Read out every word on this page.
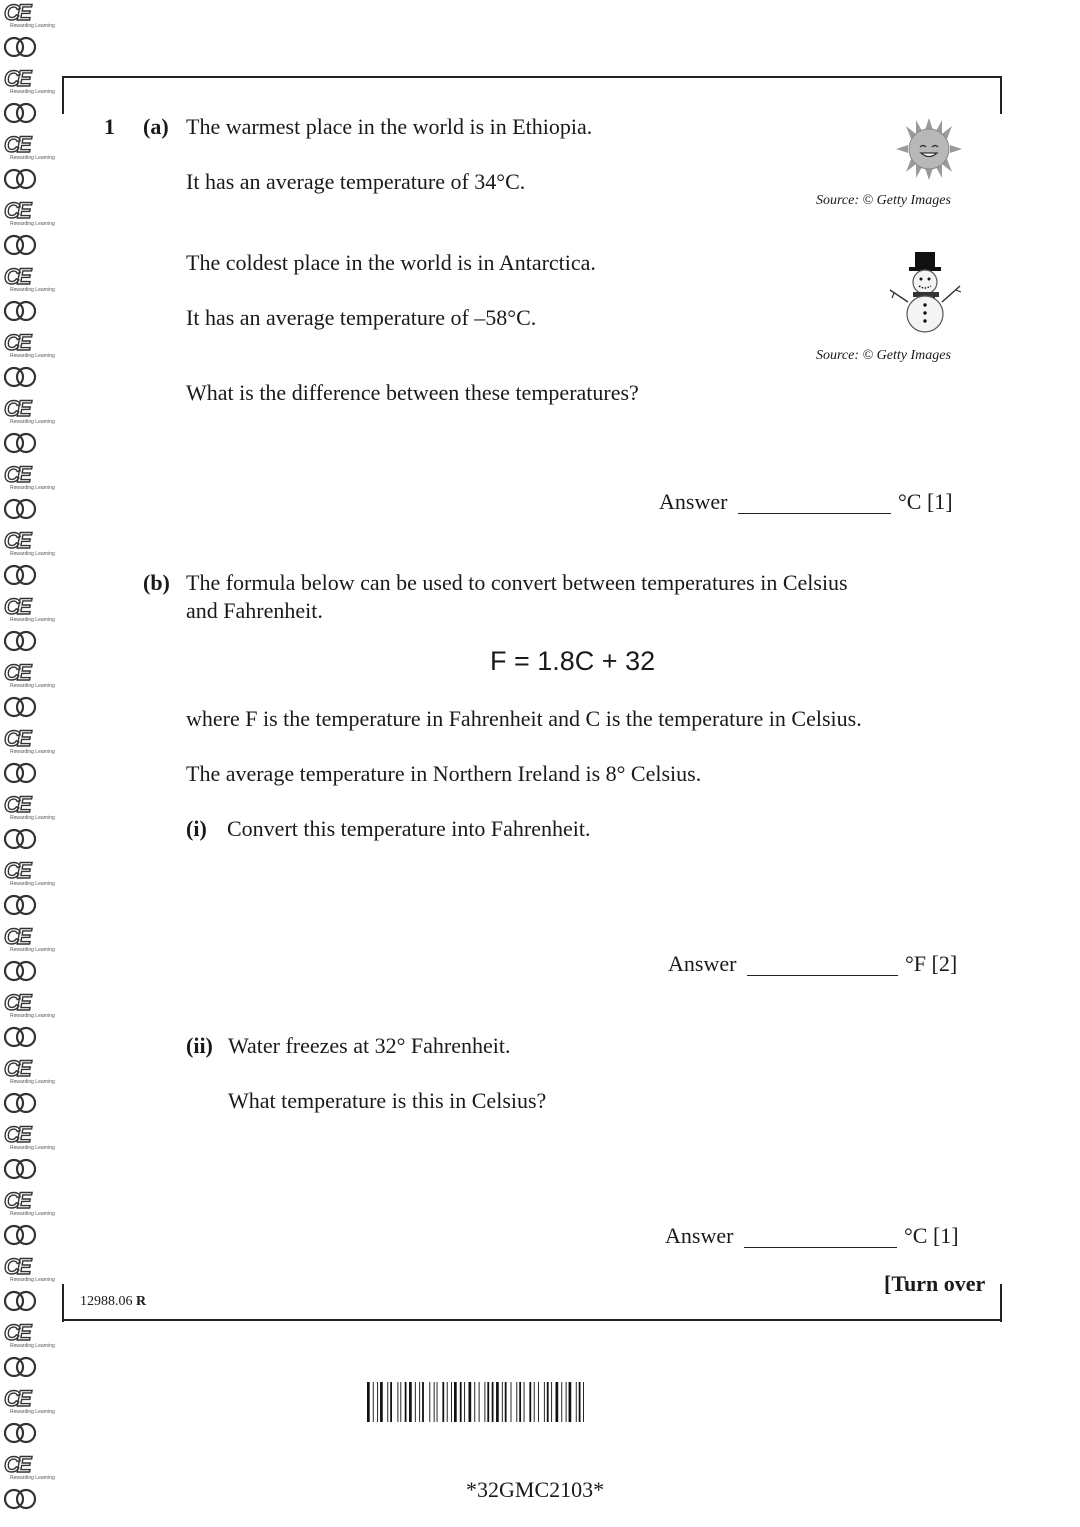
CE
Rewarding Learning
CE
Rewarding Learning
CE
Rewarding Learning
CE
Rewarding Learning
CE
Rewarding Learning
CE
Rewarding Learning
CE
Rewarding Learning
CE
Rewarding Learning
CE
Rewarding Learning
CE
Rewarding Learning
CE
Rewarding Learning
CE
Rewarding Learning
CE
Rewarding Learning
CE
Rewarding Learning
CE
Rewarding Learning
CE
Rewarding Learning
CE
Rewarding Learning
CE
Rewarding Learning
CE
Rewarding Learning
CE
Rewarding Learning
CE
Rewarding Learning
CE
Rewarding Learning
CE
Rewarding Learning
1 (a) The warmest place in the world is in Ethiopia.
It has an average temperature of 34°C.
The coldest place in the world is in Antarctica.
It has an average temperature of –58°C.
What is the difference between these temperatures?
Source: © Getty Images
Source: © Getty Images
Answer	°C [1]
(b) The formula below can be used to convert between temperatures in Celsius
and Fahrenheit.
F = 1.8C + 32
where F is the temperature in Fahrenheit and C is the temperature in Celsius.
The average temperature in Northern Ireland is 8° Celsius.
(i) Convert this temperature into Fahrenheit.
Answer	°F [2]
(ii) Water freezes at 32° Fahrenheit.
What temperature is this in Celsius?
Answer	°C [1]
[Turn over
12988.06 R
*32GMC2103*
